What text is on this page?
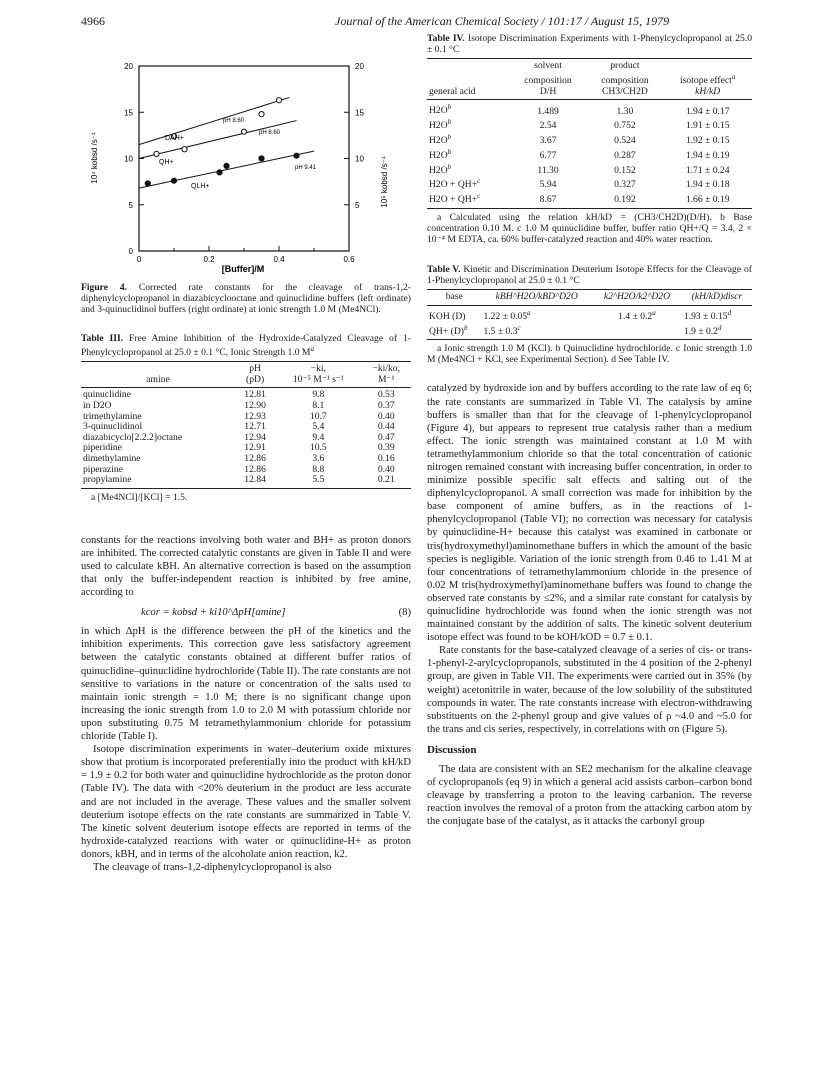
4966	Journal of the American Chemical Society / 101:17 / August 15, 1979
0	0.2	0.4	0.6
0
5
10
15
20
5
10
15
20
[Buffer]/M
10⁴ kobsd /s⁻¹	10⁵ kobsd /s⁻¹
pH 8.60
pH 8.60
pH 9.41
DAH+
QH+
QLH+
Figure 4. Corrected rate constants for the cleavage of trans-1,2-diphenylcyclopropanol in diazabicyclooctane and quinuclidine buffers (left ordinate) and 3-quinuclidinol buffers (right ordinate) at ionic strength 1.0 M (Me4NCl).
Table III. Free Amine Inhibition of the Hydroxide-Catalyzed Cleavage of 1-Phenylcyclopropanol at 25.0 ± 0.1 °C, Ionic Strength 1.0 $M^a$
	pH	−ki,	−ki/ko,
amine	(pD)	10⁻⁵ M⁻¹ s⁻¹	M⁻¹
quinuclidine	12.81	9.8	0.53
in D2O	12.90	8.1	0.37
trimethylamine	12.93	10.7	0.40
3-quinuclidinol	12.71	5.4	0.44
diazabicyclo[2.2.2]octane	12.94	9.4	0.47
piperidine	12.91	10.5	0.39
dimethylamine	12.86	3.6	0.16
piperazine	12.86	8.8	0.40
propylamine	12.84	5.5	0.21
a [Me4NCl]/[KCl] = 1.5.

constants for the reactions involving both water and BH+ as proton donors are inhibited. The corrected catalytic constants are given in Table II and were used to calculate kBH. An alternative correction is based on the assumption that only the buffer-independent reaction is inhibited by free amine, according to

kcor = kobsd + ki10^ΔpH[amine]	(8)

in which ΔpH is the difference between the pH of the kinetics and the inhibition experiments. This correction gave less satisfactory agreement between the catalytic constants obtained at different buffer ratios of quinuclidine–quinuclidine hydrochloride (Table II). The rate constants are not sensitive to variations in the nature or concentration of the salts used to maintain ionic strength = 1.0 M; there is no significant change upon increasing the ionic strength from 1.0 to 2.0 M with potassium chloride nor upon substituting 0.75 M tetramethylammonium chloride for potassium chloride (Table I).

Isotope discrimination experiments in water–deuterium oxide mixtures show that protium is incorporated preferentially into the product with kH/kD = 1.9 ± 0.2 for both water and quinuclidine hydrochloride as the proton donor (Table IV). The data with <20% deuterium in the product are less accurate and are not included in the average. These values and the smaller solvent deuterium isotope effects on the rate constants are summarized in Table V. The kinetic solvent deuterium isotope effects are reported in terms of the hydroxide-catalyzed reactions with water or quinuclidine-H+ as proton donors, kBH, and in terms of the alcoholate anion reaction, k2.

The cleavage of trans-1,2-diphenylcyclopropanol is also

Table IV. Isotope Discrimination Experiments with 1-Phenylcyclopropanol at 25.0 ± 0.1 °C
	solvent	product	
	composition	composition	isotope effect$^a$
general acid	D/H	CH3/CH2D	kH/kD
$H2O^b$	1.489	1.30	1.94 ± 0.17
$H2O^b$	2.54	0.752	1.91 ± 0.15
$H2O^b$	3.67	0.524	1.92 ± 0.15
$H2O^b$	6.77	0.287	1.94 ± 0.19
$H2O^b$	11.30	0.152	1.71 ± 0.24
H2O + QH+$^c$	5.94	0.327	1.94 ± 0.18
H2O + QH+$^c$	8.67	0.192	1.66 ± 0.19
a Calculated using the relation kH/kD = (CH3/CH2D)(D/H). b Base concentration 0.10 M. c 1.0 M quinuclidine buffer, buffer ratio QH+/Q = 3.4, 2 × 10⁻⁴ M EDTA, ca. 60% buffer-catalyzed reaction and 40% water reaction.
Table V. Kinetic and Discrimination Deuterium Isotope Effects for the Cleavage of 1-Phenylcyclopropanol at 25.0 ± 0.1 °C
base	kBH^H2O/kBD^D2O	k2^H2O/k2^D2O	(kH/kD)discr
KOH (D)	1.22 ± 0.05$^a$	1.4 ± 0.2$^a$	1.93 ± 0.15$^d$
$QH+ (D)^b$	1.5 ± 0.3$^c$		1.9 ± 0.2$^d$
a Ionic strength 1.0 M (KCl). b Quinuclidine hydrochloride. c Ionic strength 1.0 M (Me4NCl + KCl, see Experimental Section). d See Table IV.

catalyzed by hydroxide ion and by buffers according to the rate law of eq 6; the rate constants are summarized in Table VI. The catalysis by amine buffers is smaller than that for the cleavage of 1-phenylcyclopropanol (Figure 4), but appears to represent true catalysis rather than a medium effect. The ionic strength was maintained constant at 1.0 M with tetramethylammonium chloride so that the total concentration of cationic nitrogen remained constant with increasing buffer concentration, in order to minimize possible specific salt effects and salting out of the diphenylcyclopropanol. A small correction was made for inhibition by the base component of amine buffers, as in the reactions of 1-phenylcyclopropanol (Table VI); no correction was necessary for catalysis by quinuclidine-H+ because this catalyst was examined in carbonate or tris(hydroxymethyl)aminomethane buffers in which the amount of the basic species is negligible. Variation of the ionic strength from 0.46 to 1.41 M at four concentrations of tetramethylammonium chloride in the presence of 0.02 M tris(hydroxymethyl)aminomethane buffers was found to change the observed rate constants by ≤2%, and a similar rate constant for catalysis by quinuclidine hydrochloride was found when the ionic strength was not maintained constant by the addition of salts. The kinetic solvent deuterium isotope effect was found to be kOH/kOD = 0.7 ± 0.1.

Rate constants for the base-catalyzed cleavage of a series of cis- or trans-1-phenyl-2-arylcyclopropanols, substituted in the 4 position of the 2-phenyl group, are given in Table VII. The experiments were carried out in 35% (by weight) acetonitrile in water, because of the low solubility of the substituted compounds in water. The rate constants increase with electron-withdrawing substituents on the 2-phenyl group and give values of ρ ~4.0 and ~5.0 for the trans and cis series, respectively, in correlations with σn (Figure 5).

Discussion

The data are consistent with an SE2 mechanism for the alkaline cleavage of cyclopropanols (eq 9) in which a general acid assists carbon–carbon bond cleavage by transferring a proton to the leaving carbanion. The reverse reaction involves the removal of a proton from the attacking carbon atom by the conjugate base of the catalyst, as it attacks the carbonyl group
